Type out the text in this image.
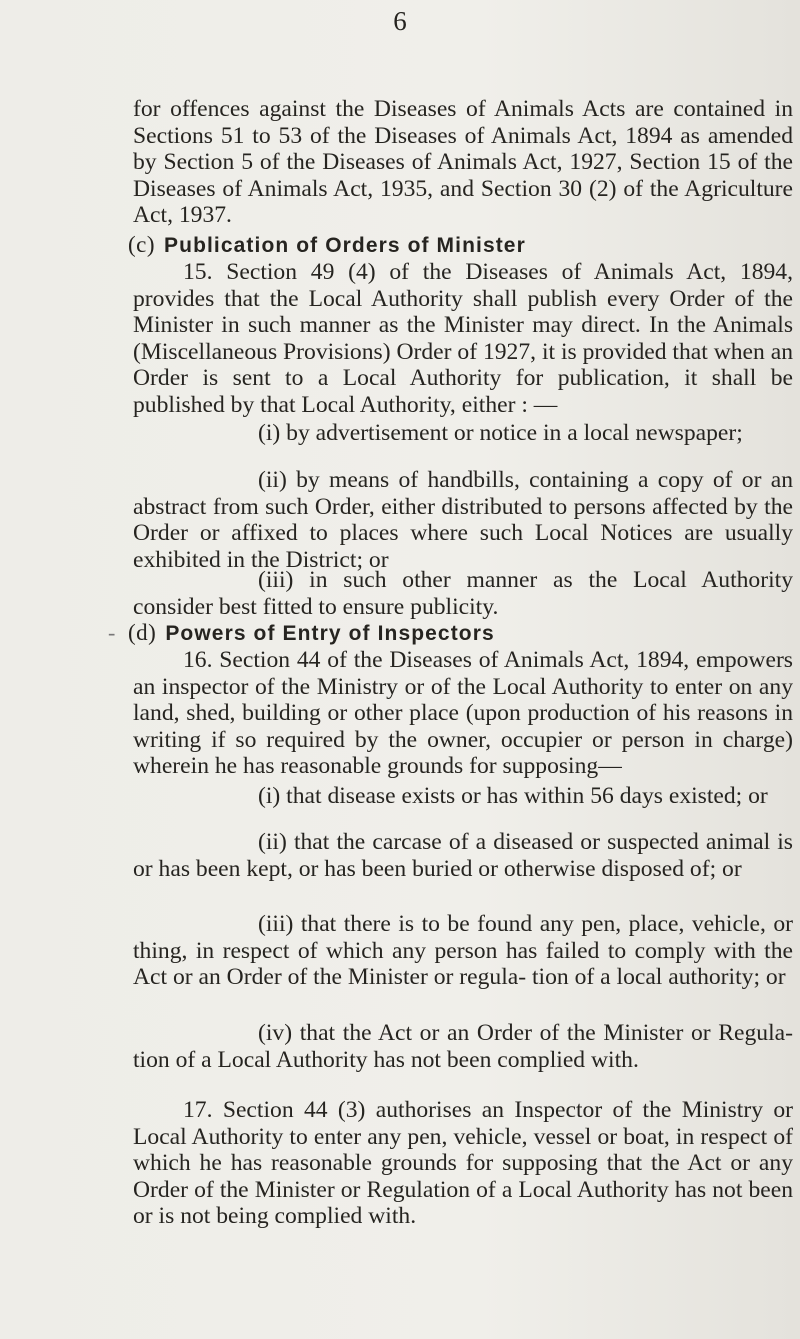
6

for offences against the Diseases of Animals Acts are contained in Sections 51 to 53 of the Diseases of Animals Act, 1894 as amended by Section 5 of the Diseases of Animals Act, 1927, Section 15 of the Diseases of Animals Act, 1935, and Section 30 (2) of the Agriculture Act, 1937.

(c) Publication of Orders of Minister

15. Section 49 (4) of the Diseases of Animals Act, 1894, provides that the Local Authority shall publish every Order of the Minister in such manner as the Minister may direct. In the Animals (Miscellaneous Provisions) Order of 1927, it is provided that when an Order is sent to a Local Authority for publication, it shall be published by that Local Authority, either : —

(i) by advertisement or notice in a local newspaper;

(ii) by means of handbills, containing a copy of or an abstract from such Order, either distributed to persons affected by the Order or affixed to places where such Local Notices are usually exhibited in the District; or

(iii) in such other manner as the Local Authority consider best fitted to ensure publicity.

- (d) Powers of Entry of Inspectors

16. Section 44 of the Diseases of Animals Act, 1894, empowers an inspector of the Ministry or of the Local Authority to enter on any land, shed, building or other place (upon production of his reasons in writing if so required by the owner, occupier or person in charge) wherein he has reasonable grounds for supposing—

(i) that disease exists or has within 56 days existed; or

(ii) that the carcase of a diseased or suspected animal is or has been kept, or has been buried or otherwise disposed of; or

(iii) that there is to be found any pen, place, vehicle, or thing, in respect of which any person has failed to comply with the Act or an Order of the Minister or regula- tion of a local authority; or

(iv) that the Act or an Order of the Minister or Regula- tion of a Local Authority has not been complied with.

17. Section 44 (3) authorises an Inspector of the Ministry or Local Authority to enter any pen, vehicle, vessel or boat, in respect of which he has reasonable grounds for supposing that the Act or any Order of the Minister or Regulation of a Local Authority has not been or is not being complied with.
